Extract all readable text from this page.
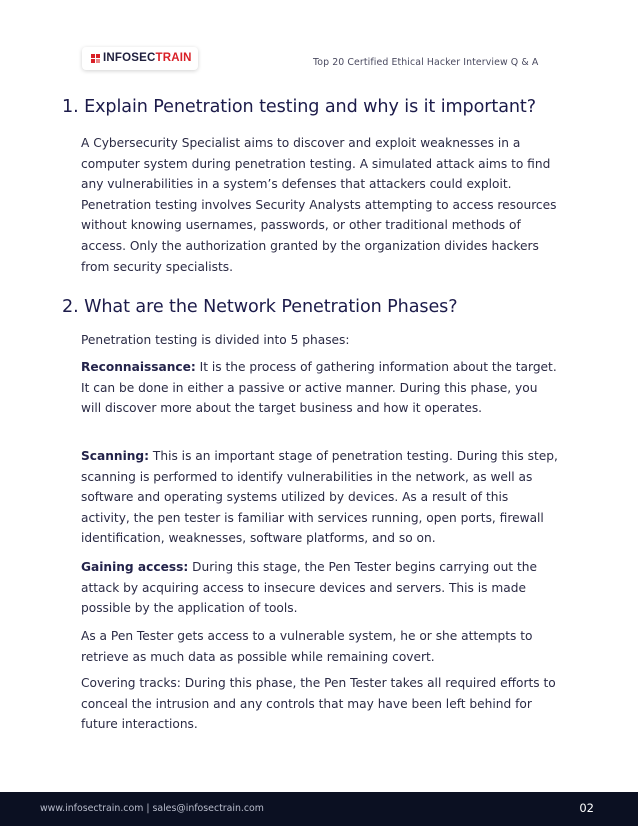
INFOSECTRAIN	Top 20 Certified Ethical Hacker Interview Q & A
1. Explain Penetration testing and why is it important?

A Cybersecurity Specialist aims to discover and exploit weaknesses in a computer system during penetration testing. A simulated attack aims to find any vulnerabilities in a system’s defenses that attackers could exploit. Penetration testing involves Security Analysts attempting to access resources without knowing usernames, passwords, or other traditional methods of access. Only the authorization granted by the organization divides hackers from security specialists.

2. What are the Network Penetration Phases?

Penetration testing is divided into 5 phases:

Reconnaissance: It is the process of gathering information about the target. It can be done in either a passive or active manner. During this phase, you will discover more about the target business and how it operates.

Scanning: This is an important stage of penetration testing. During this step, scanning is performed to identify vulnerabilities in the network, as well as software and operating systems utilized by devices. As a result of this activity, the pen tester is familiar with services running, open ports, firewall identification, weaknesses, software platforms, and so on.

Gaining access: During this stage, the Pen Tester begins carrying out the attack by acquiring access to insecure devices and servers. This is made possible by the application of tools.

As a Pen Tester gets access to a vulnerable system, he or she attempts to retrieve as much data as possible while remaining covert.

Covering tracks: During this phase, the Pen Tester takes all required efforts to conceal the intrusion and any controls that may have been left behind for future interactions.

www.infosectrain.com | sales@infosectrain.com	02
